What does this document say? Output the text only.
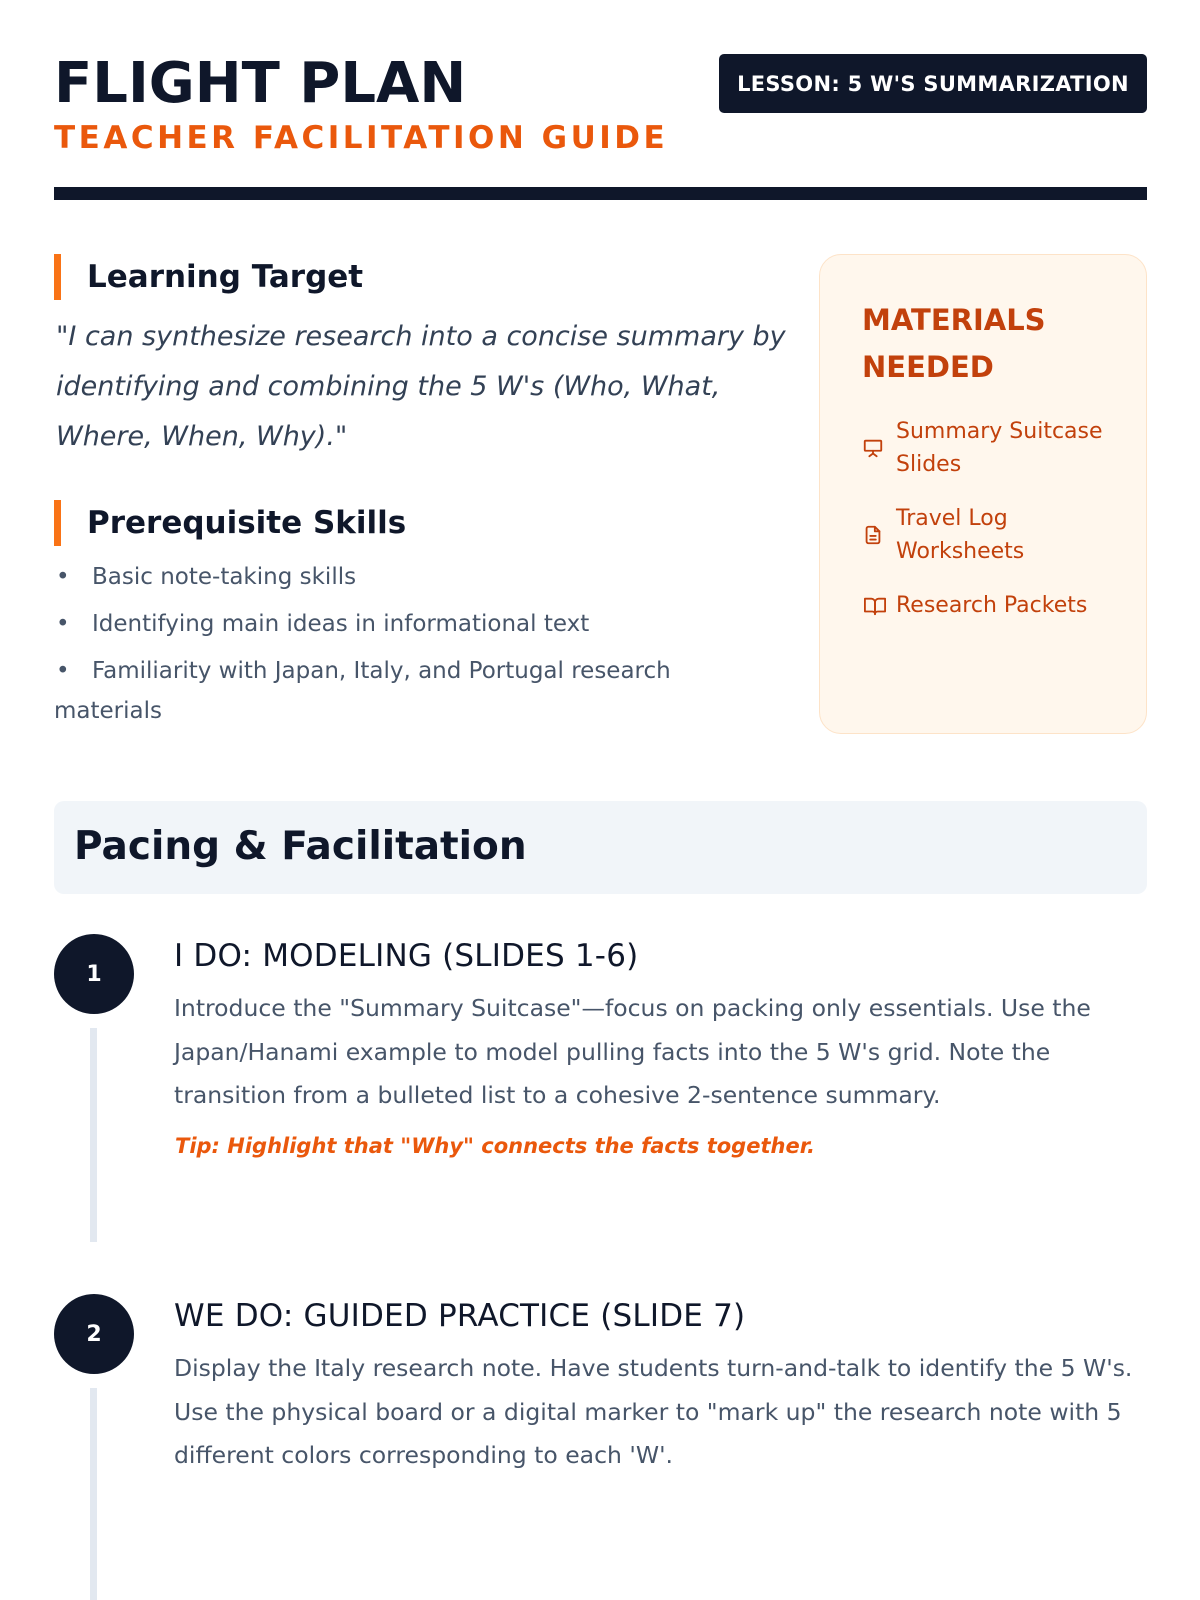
FLIGHT PLAN
TEACHER FACILITATION GUIDE
LESSON: 5 W'S SUMMARIZATION
Learning Target

"I can synthesize research into a concise summary by identifying and combining the 5 W's (Who, What, Where, When, Why)."

Prerequisite Skills
• Basic note-taking skills
• Identifying main ideas in informational text
• Familiarity with Japan, Italy, and Portugal research materials
MATERIALS NEEDED
Summary Suitcase Slides
Travel Log Worksheets
Research Packets
Pacing & Facilitation
1	I DO: MODELING (SLIDES 1-6)

Introduce the "Summary Suitcase"—focus on packing only essentials. Use the Japan/Hanami example to model pulling facts into the 5 W's grid. Note the transition from a bulleted list to a cohesive 2-sentence summary.

Tip: Highlight that "Why" connects the facts together.

2	WE DO: GUIDED PRACTICE (SLIDE 7)

Display the Italy research note. Have students turn-and-talk to identify the 5 W's. Use the physical board or a digital marker to "mark up" the research note with 5 different colors corresponding to each 'W'.
